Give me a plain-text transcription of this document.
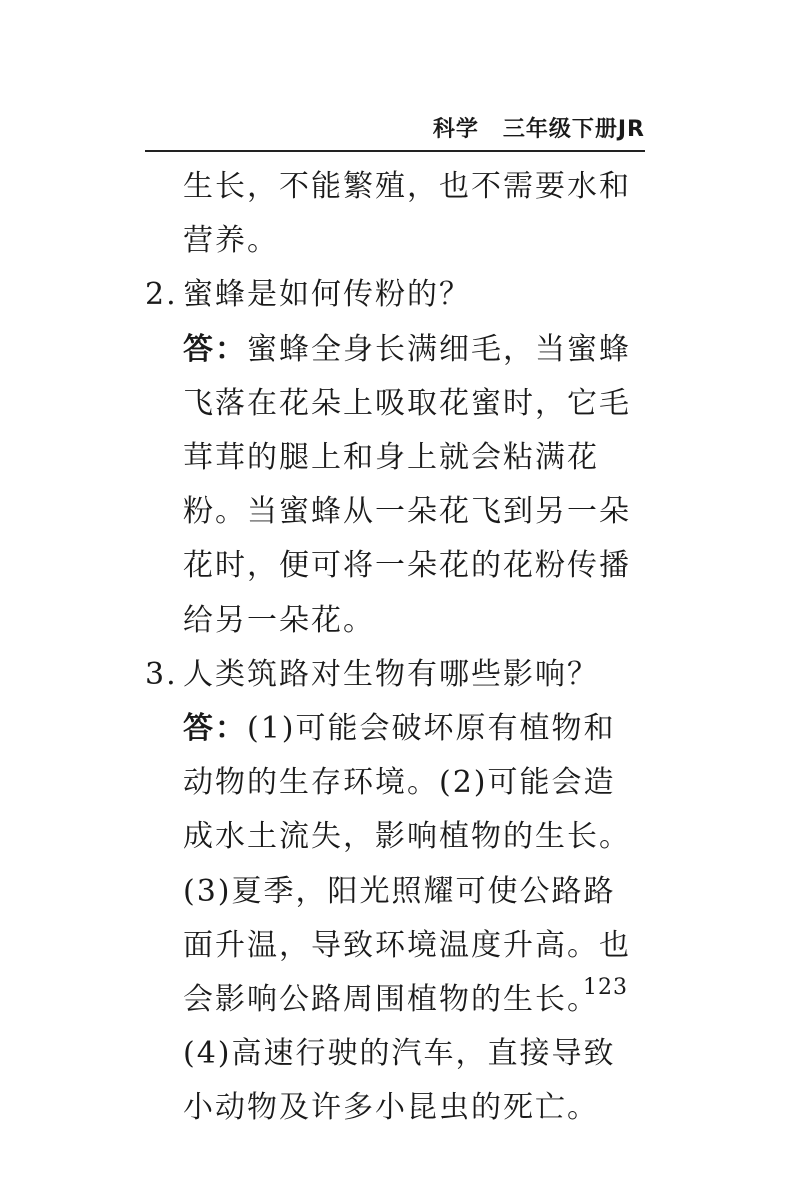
科学 三年级下册JR

生长，不能繁殖，也不需要水和营养。

2. 蜜蜂是如何传粉的？

答：蜜蜂全身长满细毛，当蜜蜂飞落在花朵上吸取花蜜时，它毛茸茸的腿上和身上就会粘满花粉。当蜜蜂从一朵花飞到另一朵花时，便可将一朵花的花粉传播给另一朵花。

3. 人类筑路对生物有哪些影响？

答：(1)可能会破坏原有植物和动物的生存环境。(2)可能会造成水土流失，影响植物的生长。(3)夏季，阳光照耀可使公路路面升温，导致环境温度升高。也会影响公路周围植物的生长。(4)高速行驶的汽车，直接导致小动物及许多小昆虫的死亡。

123
